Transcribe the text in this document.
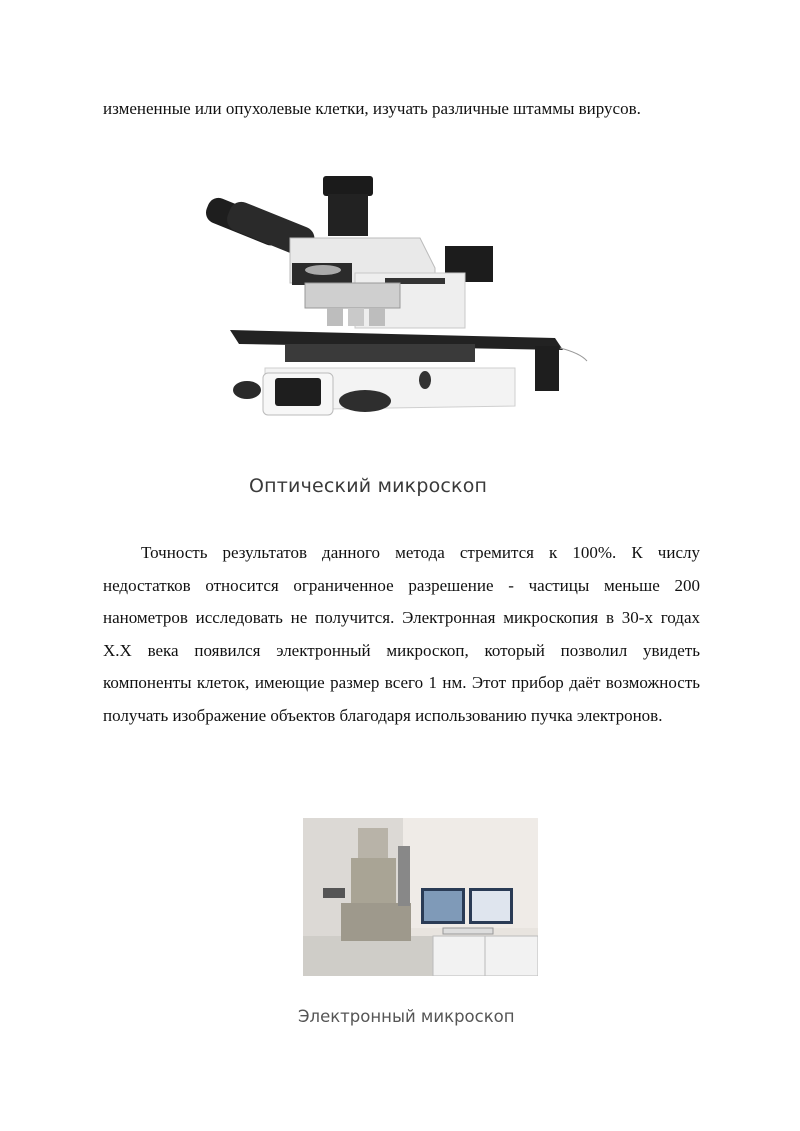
измененные или опухолевые клетки, изучать различные штаммы вирусов.
Оптический микроскоп

Точность результатов данного метода стремится к 100%. К числу недостатков относится ограниченное разрешение - частицы меньше 200 нанометров исследовать не получится. Электронная микроскопия в 30-х годах X.X века появился электронный микроскоп, который позволил увидеть компоненты клеток, имеющие размер всего 1 нм. Этот прибор даёт возможность получать изображение объектов благодаря использованию пучка электронов.

Электронный микроскоп
